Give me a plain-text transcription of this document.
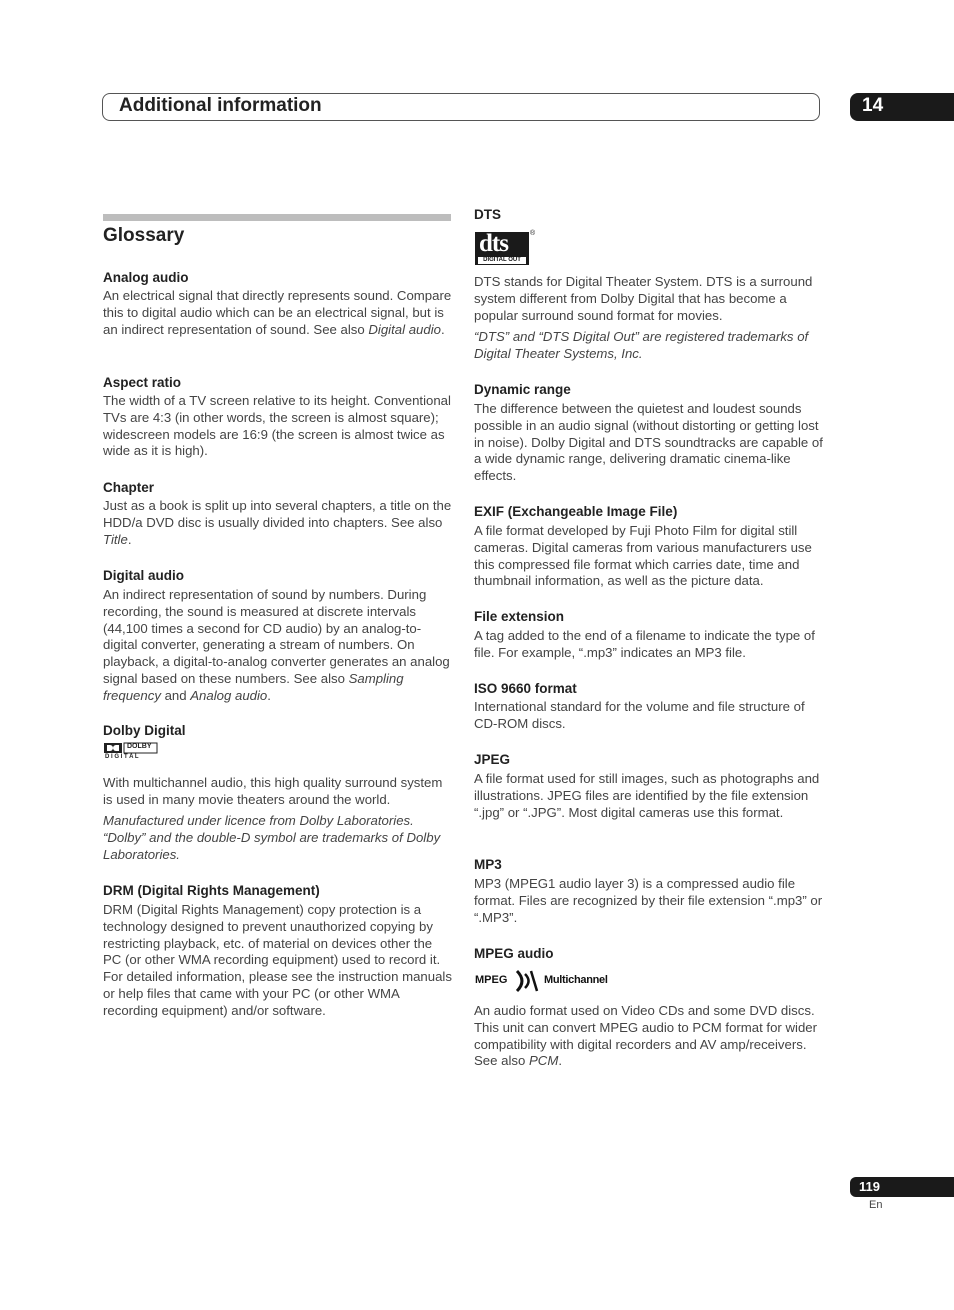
Additional information	14
Glossary
Analog audio
An electrical signal that directly represents sound. Compare this to digital audio which can be an electrical signal, but is an indirect representation of sound. See also Digital audio.
Aspect ratio
The width of a TV screen relative to its height. Conventional TVs are 4:3 (in other words, the screen is almost square); widescreen models are 16:9 (the screen is almost twice as wide as it is high).
Chapter
Just as a book is split up into several chapters, a title on the HDD/a DVD disc is usually divided into chapters. See also Title.
Digital audio
An indirect representation of sound by numbers. During recording, the sound is measured at discrete intervals (44,100 times a second for CD audio) by an analog-to-digital converter, generating a stream of numbers. On playback, a digital-to-analog converter generates an analog signal based on these numbers. See also Sampling frequency and Analog audio.
Dolby Digital
DOLBY
D I G I T A L
With multichannel audio, this high quality surround system is used in many movie theaters around the world.
Manufactured under licence from Dolby Laboratories. “Dolby” and the double-D symbol are trademarks of Dolby Laboratories.
DRM (Digital Rights Management)
DRM (Digital Rights Management) copy protection is a technology designed to prevent unauthorized copying by restricting playback, etc. of material on devices other the PC (or other WMA recording equipment) used to record it. For detailed information, please see the instruction manuals or help files that came with your PC (or other WMA recording equipment) and/or software.
DTS
dts
DIGITAL OUT
®
DTS stands for Digital Theater System. DTS is a surround system different from Dolby Digital that has become a popular surround sound format for movies.
“DTS” and “DTS Digital Out” are registered trademarks of Digital Theater Systems, Inc.
Dynamic range
The difference between the quietest and loudest sounds possible in an audio signal (without distorting or getting lost in noise). Dolby Digital and DTS soundtracks are capable of a wide dynamic range, delivering dramatic cinema-like effects.
EXIF (Exchangeable Image File)
A file format developed by Fuji Photo Film for digital still cameras. Digital cameras from various manufacturers use this compressed file format which carries date, time and thumbnail information, as well as the picture data.
File extension
A tag added to the end of a filename to indicate the type of file. For example, “.mp3” indicates an MP3 file.
ISO 9660 format
International standard for the volume and file structure of CD-ROM discs.
JPEG
A file format used for still images, such as photographs and illustrations. JPEG files are identified by the file extension “.jpg” or “.JPG”. Most digital cameras use this format.
MP3
MP3 (MPEG1 audio layer 3) is a compressed audio file format. Files are recognized by their file extension “.mp3” or “.MP3”.
MPEG audio
MPEG	Multichannel
An audio format used on Video CDs and some DVD discs. This unit can convert MPEG audio to PCM format for wider compatibility with digital recorders and AV amp/receivers. See also PCM.
119
En
